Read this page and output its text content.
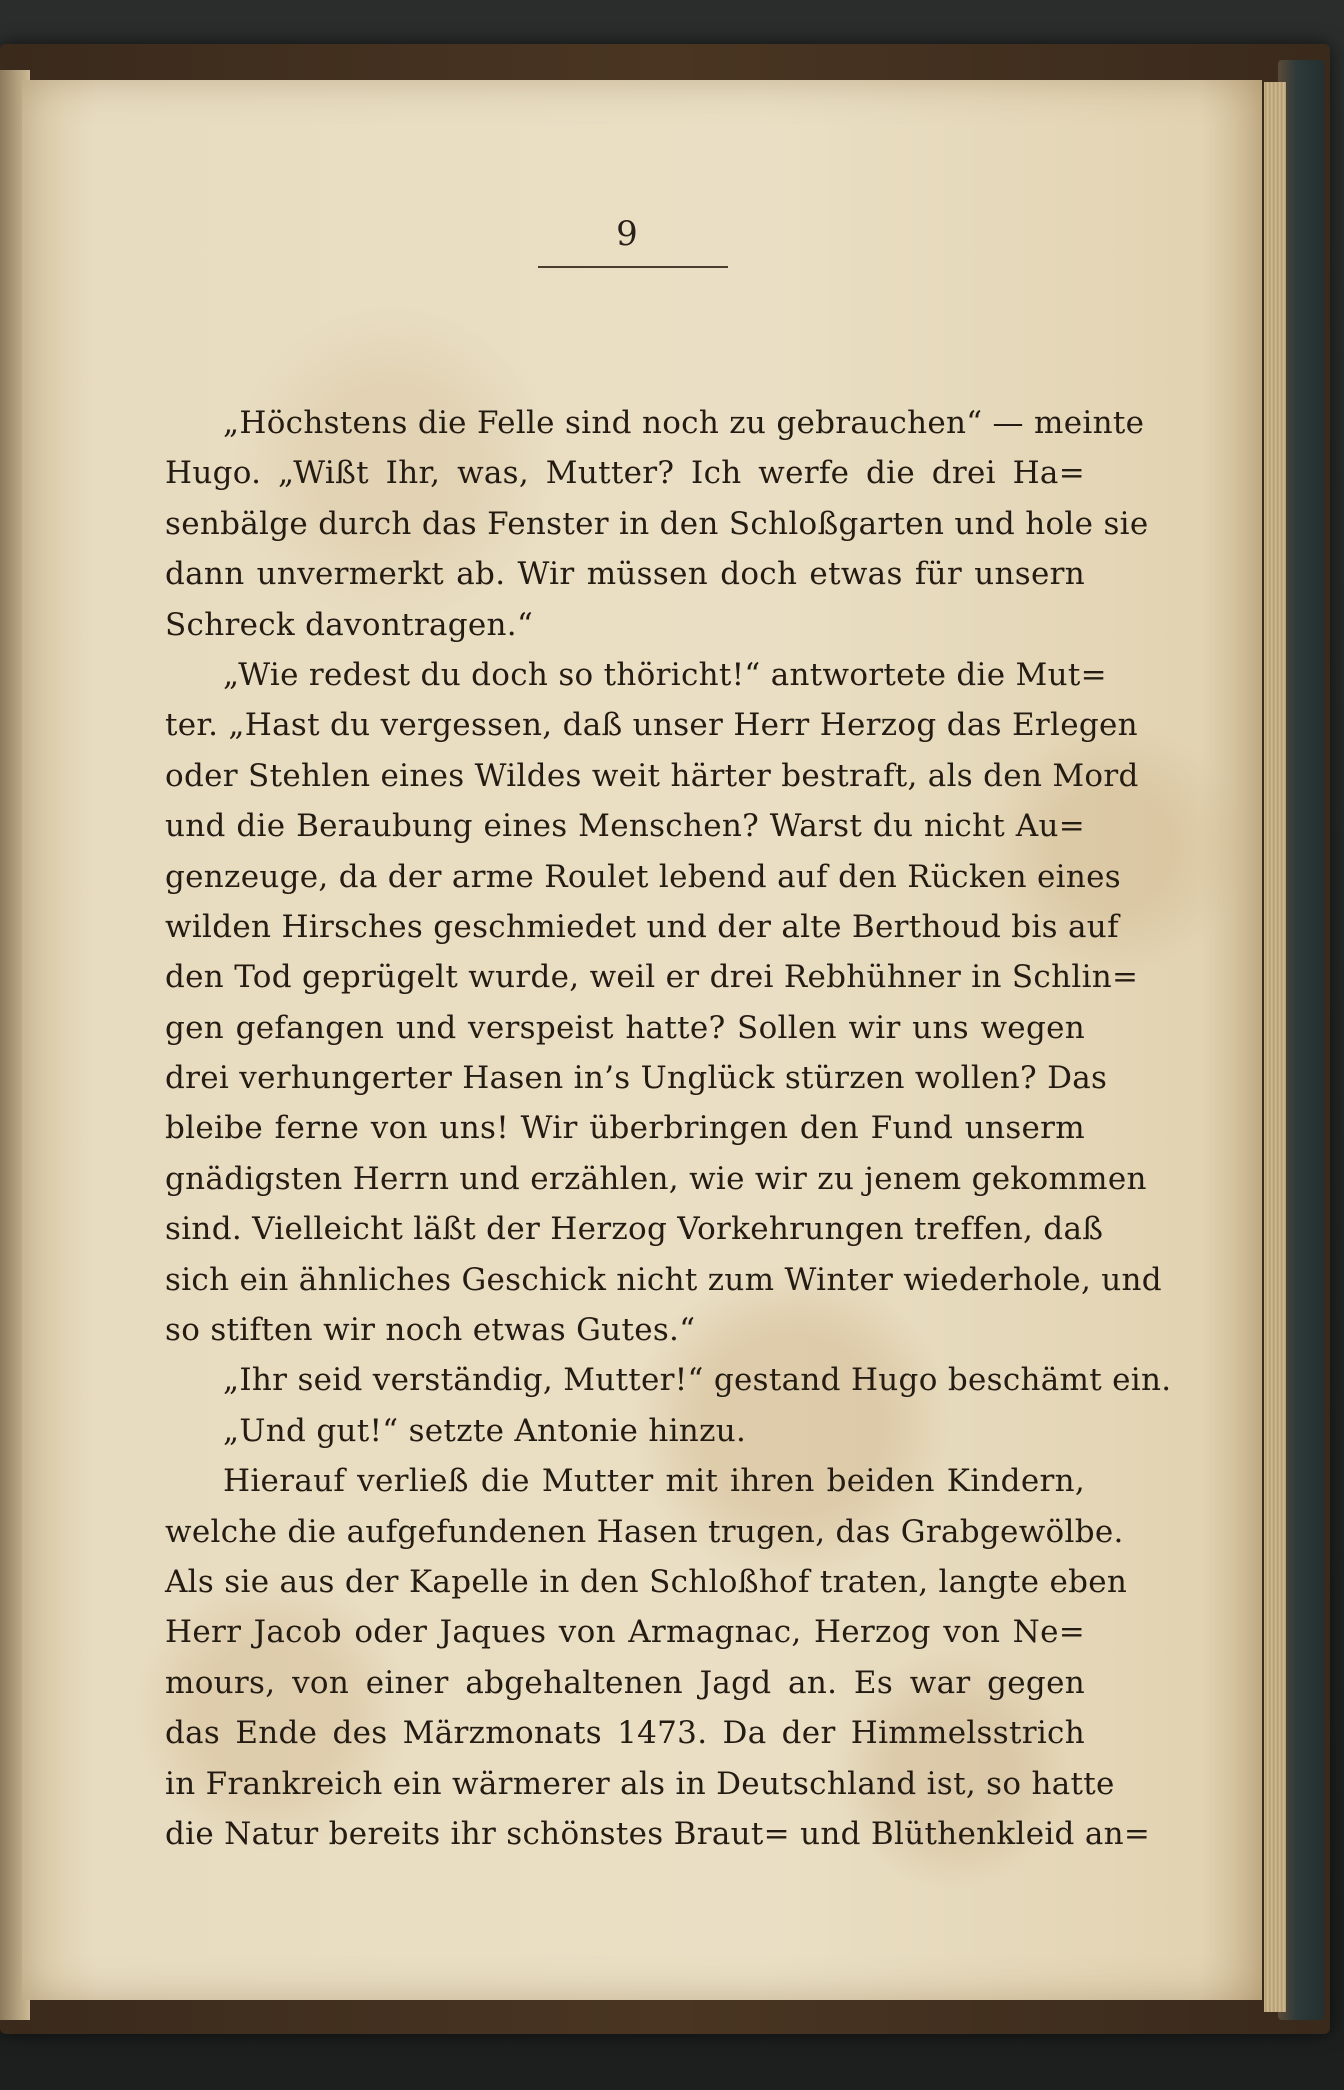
9

„Höchstens die Felle sind noch zu gebrauchen“ — meinte

Hugo. „Wißt Ihr, was, Mutter? Ich werfe die drei Ha=

senbälge durch das Fenster in den Schloßgarten und hole sie

dann unvermerkt ab. Wir müssen doch etwas für unsern

Schreck davontragen.“

„Wie redest du doch so thöricht!“ antwortete die Mut=

ter. „Hast du vergessen, daß unser Herr Herzog das Erlegen

oder Stehlen eines Wildes weit härter bestraft, als den Mord

und die Beraubung eines Menschen? Warst du nicht Au=

genzeuge, da der arme Roulet lebend auf den Rücken eines

wilden Hirsches geschmiedet und der alte Berthoud bis auf

den Tod geprügelt wurde, weil er drei Rebhühner in Schlin=

gen gefangen und verspeist hatte? Sollen wir uns wegen

drei verhungerter Hasen in’s Unglück stürzen wollen? Das

bleibe ferne von uns! Wir überbringen den Fund unserm

gnädigsten Herrn und erzählen, wie wir zu jenem gekommen

sind. Vielleicht läßt der Herzog Vorkehrungen treffen, daß

sich ein ähnliches Geschick nicht zum Winter wiederhole, und

so stiften wir noch etwas Gutes.“

„Ihr seid verständig, Mutter!“ gestand Hugo beschämt ein.

„Und gut!“ setzte Antonie hinzu.

Hierauf verließ die Mutter mit ihren beiden Kindern,

welche die aufgefundenen Hasen trugen, das Grabgewölbe.

Als sie aus der Kapelle in den Schloßhof traten, langte eben

Herr Jacob oder Jaques von Armagnac, Herzog von Ne=

mours, von einer abgehaltenen Jagd an. Es war gegen

das Ende des Märzmonats 1473. Da der Himmelsstrich

in Frankreich ein wärmerer als in Deutschland ist, so hatte

die Natur bereits ihr schönstes Braut= und Blüthenkleid an=
